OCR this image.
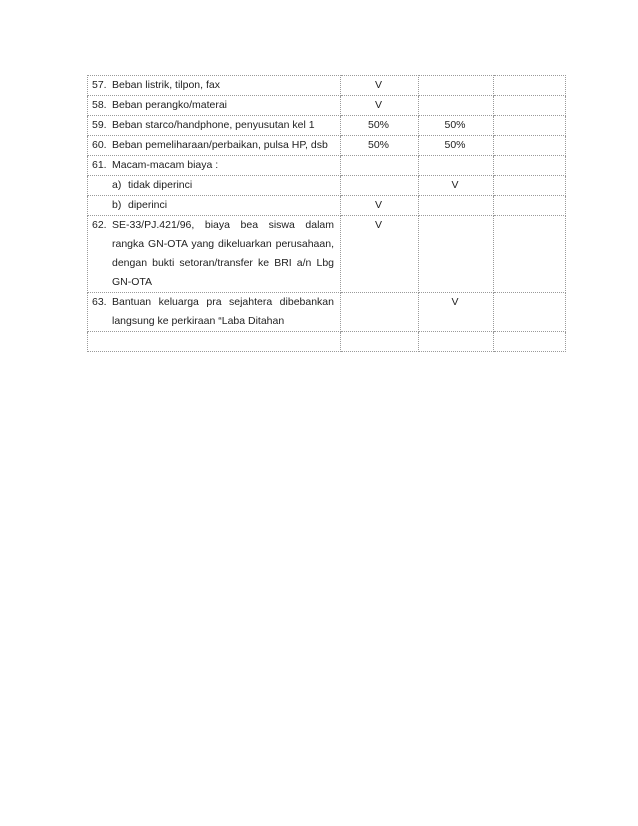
57. Beban listrik, tilpon, fax	V		
58. Beban perangko/materai	V		
59. Beban starco/handphone, penyusutan kel 1	50%	50%	
60. Beban pemeliharaan/perbaikan, pulsa HP, dsb	50%	50%	
61. Macam-macam biaya :			

a) tidak diperinci		V	

b) diperinci	V		

62. SE-33/PJ.421/96, biaya bea siswa dalam
rangka GN-OTA yang dikeluarkan perusahaan,
dengan bukti setoran/transfer ke BRI a/n Lbg
GN-OTA	V		

63. Bantuan keluarga pra sejahtera dibebankan
langsung ke perkiraan “Laba Ditahan		V	
